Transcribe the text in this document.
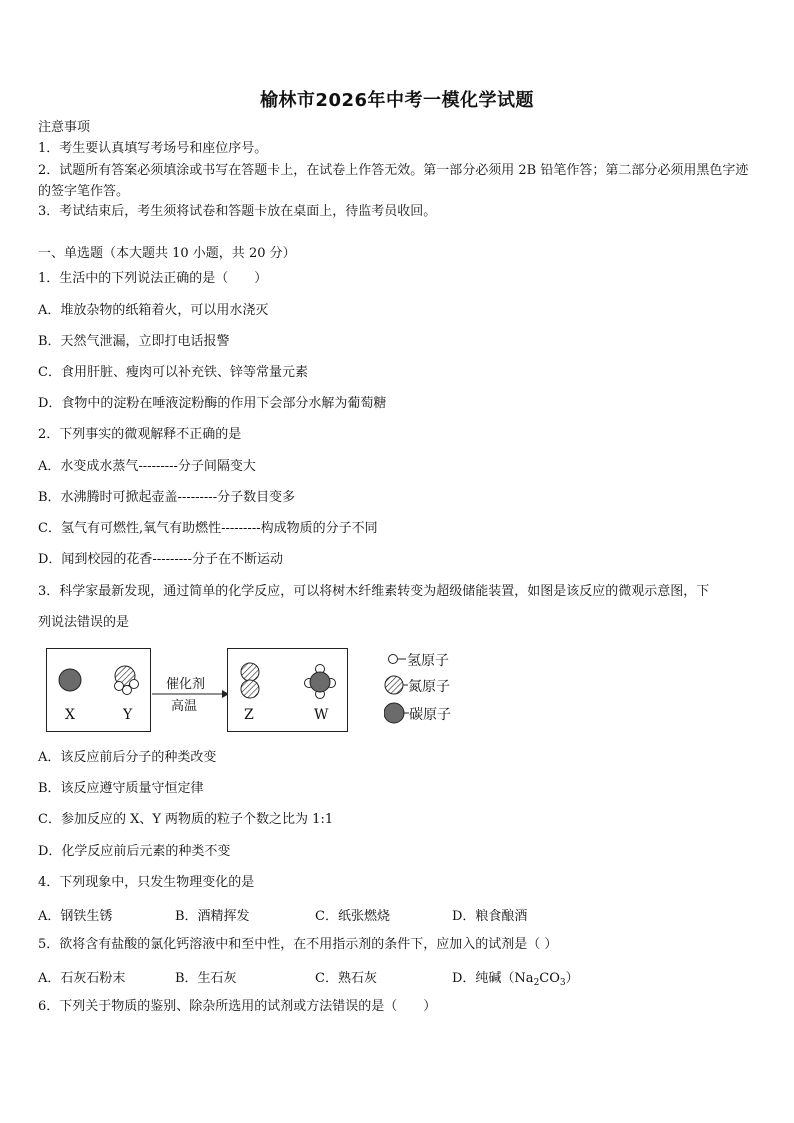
榆林市2026年中考一模化学试题
注意事项
1．考生要认真填写考场号和座位序号。
2．试题所有答案必须填涂或书写在答题卡上，在试卷上作答无效。第一部分必须用 2B 铅笔作答；第二部分必须用黑色字迹的签字笔作答。
3．考试结束后，考生须将试卷和答题卡放在桌面上，待监考员收回。
一、单选题（本大题共 10 小题，共 20 分）
1．生活中的下列说法正确的是（　　）
A．堆放杂物的纸箱着火，可以用水浇灭
B．天然气泄漏，立即打电话报警
C．食用肝脏、瘦肉可以补充铁、锌等常量元素
D．食物中的淀粉在唾液淀粉酶的作用下会部分水解为葡萄糖
2．下列事实的微观解释不正确的是
A．水变成水蒸气---------分子间隔变大
B．水沸腾时可掀起壶盖---------分子数目变多
C．氢气有可燃性,氧气有助燃性---------构成物质的分子不同
D．闻到校园的花香---------分子在不断运动
3．科学家最新发现，通过简单的化学反应，可以将树木纤维素转变为超级储能装置，如图是该反应的微观示意图，下
列说法错误的是
X	Y
催化剂
高温
Z	W
氢原子
氮原子
碳原子
A．该反应前后分子的种类改变
B．该反应遵守质量守恒定律
C．参加反应的 X、Y 两物质的粒子个数之比为 1:1
D．化学反应前后元素的种类不变
4．下列现象中，只发生物理变化的是
A．钢铁生锈	B．酒精挥发	C．纸张燃烧	D．粮食酿酒
5．欲将含有盐酸的氯化钙溶液中和至中性，在不用指示剂的条件下，应加入的试剂是（ ）
A．石灰石粉末	B．生石灰	C．熟石灰	D．纯碱$(Na_2CO_3)$
6．下列关于物质的鉴别、除杂所选用的试剂或方法错误的是（　　）
